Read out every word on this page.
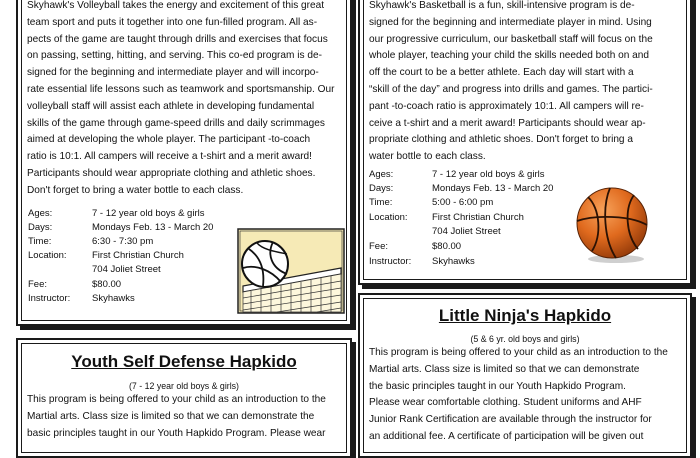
Skyhawk's Volleyball takes the energy and excitement of this great
team sport and puts it together into one fun-filled program. All as-
pects of the game are taught through drills and exercises that focus
on passing, setting, hitting, and serving. This co-ed program is de-
signed for the beginning and intermediate player and will incorpo-
rate essential life lessons such as teamwork and sportsmanship. Our
volleyball staff will assist each athlete in developing fundamental
skills of the game through game-speed drills and daily scrimmages
aimed at developing the whole player. The participant -to-coach
ratio is 10:1. All campers will receive a t-shirt and a merit award!
Participants should wear appropriate clothing and athletic shoes.
Don't forget to bring a water bottle to each class.
Ages:	7 - 12 year old boys & girls
Days:	Mondays Feb. 13 - March 20
Time:	6:30 - 7:30 pm
Location:	First Christian Church
704 Joliet Street
Fee:	$80.00
Instructor: Skyhawks
Skyhawk's Basketball is a fun, skill-intensive program is de-
signed for the beginning and intermediate player in mind. Using
our progressive curriculum, our basketball staff will focus on the
whole player, teaching your child the skills needed both on and
off the court to be a better athlete. Each day will start with a
“skill of the day” and progress into drills and games. The partici-
pant -to-coach ratio is approximately 10:1. All campers will re-
ceive a t-shirt and a merit award! Participants should wear ap-
propriate clothing and athletic shoes. Don't forget to bring a
water bottle to each class.
Ages:	7 - 12 year old boys & girls
Days:	Mondays Feb. 13 - March 20
Time:	5:00 - 6:00 pm
Location:	First Christian Church
704 Joliet Street
Fee:	$80.00
Instructor: Skyhawks

Youth Self Defense Hapkido

(7 - 12 year old boys & girls)

This program is being offered to your child as an introduction to the
Martial arts. Class size is limited so that we can demonstrate the
basic principles taught in our Youth Hapkido Program. Please wear

Little Ninja's Hapkido

(5 & 6 yr. old boys and girls)

This program is being offered to your child as an introduction to the
Martial arts. Class size is limited so that we can demonstrate
the basic principles taught in our Youth Hapkido Program.
Please wear comfortable clothing. Student uniforms and AHF
Junior Rank Certification are available through the instructor for
an additional fee. A certificate of participation will be given out
